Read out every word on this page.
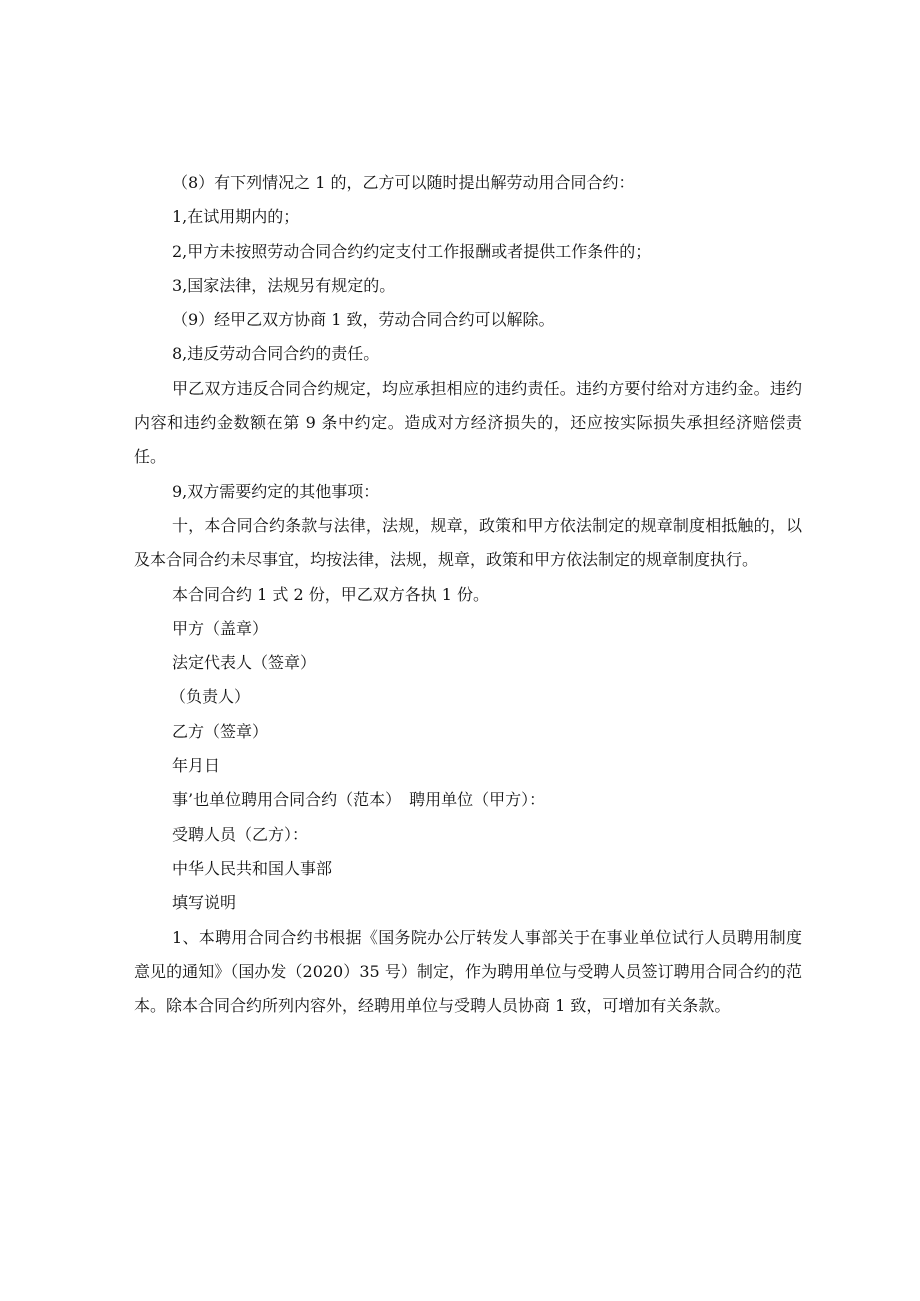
（8）有下列情况之 1 的，乙方可以随时提出解劳动用合同合约：

1,在试用期内的；

2,甲方未按照劳动合同合约约定支付工作报酬或者提供工作条件的；

3,国家法律，法规另有规定的。

（9）经甲乙双方协商 1 致，劳动合同合约可以解除。

8,违反劳动合同合约的责任。

甲乙双方违反合同合约规定，均应承担相应的违约责任。违约方要付给对方违约金。违约内容和违约金数额在第 9 条中约定。造成对方经济损失的，还应按实际损失承担经济赔偿责任。

9,双方需要约定的其他事项：

十，本合同合约条款与法律，法规，规章，政策和甲方依法制定的规章制度相抵触的，以及本合同合约未尽事宜，均按法律，法规，规章，政策和甲方依法制定的规章制度执行。

本合同合约 1 式 2 份，甲乙双方各执 1 份。

甲方（盖章）

法定代表人（签章）

（负责人）

乙方（签章）

年月日

事’也单位聘用合同合约（范本）　聘用单位（甲方）：

受聘人员（乙方）：

中华人民共和国人事部

填写说明

1、本聘用合同合约书根据《国务院办公厅转发人事部关于在事业单位试行人员聘用制度意见的通知》（国办发（2020）35 号）制定，作为聘用单位与受聘人员签订聘用合同合约的范本。除本合同合约所列内容外，经聘用单位与受聘人员协商 1 致，可增加有关条款。
